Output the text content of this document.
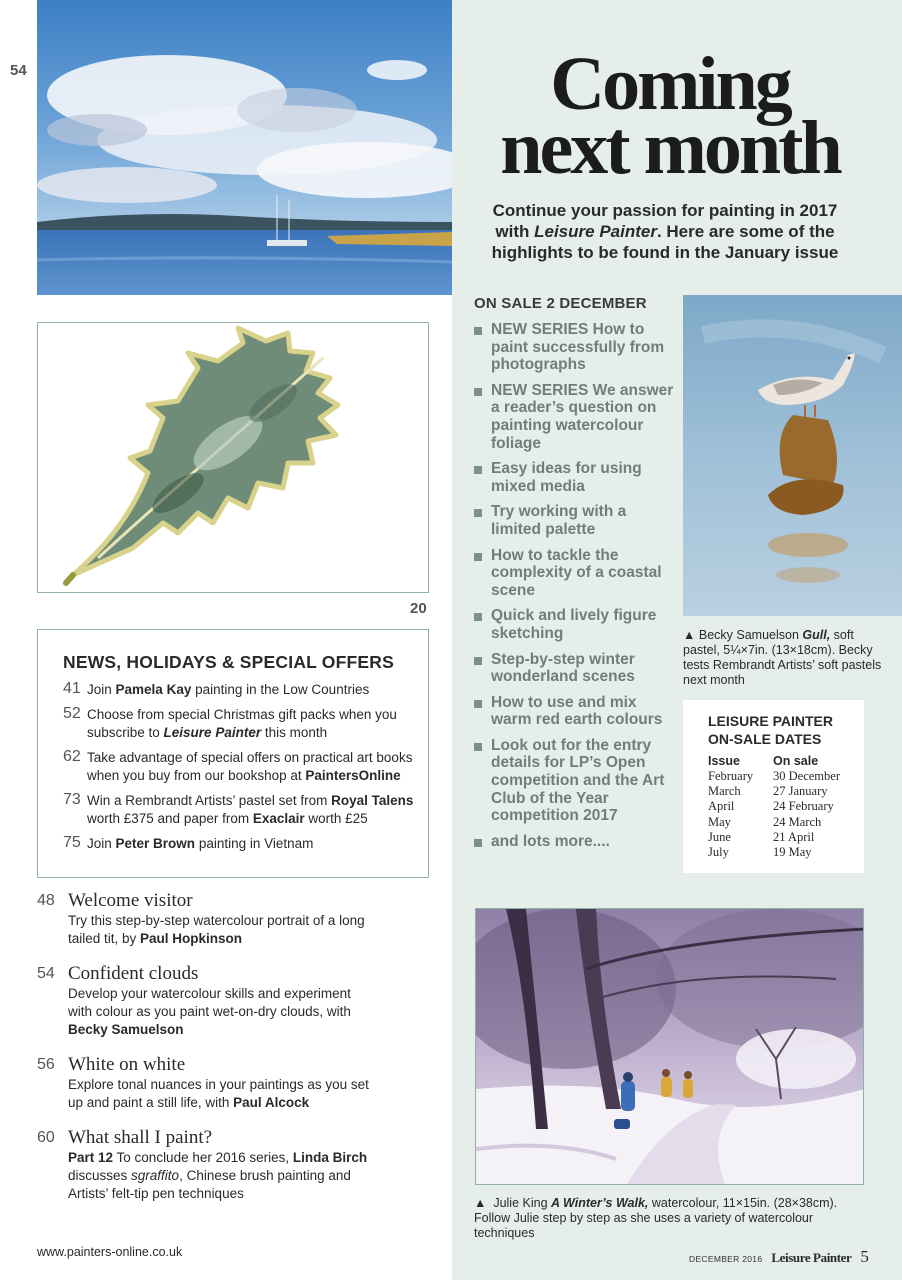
54
20
Coming
next month
Continue your passion for painting in 2017 with Leisure Painter. Here are some of the highlights to be found in the January issue
ON SALE 2 DECEMBER
NEW SERIES How to paint successfully from photographs
NEW SERIES We answer a reader’s question on painting watercolour foliage
Easy ideas for using mixed media
Try working with a limited palette
How to tackle the complexity of a coastal scene
Quick and lively figure sketching
Step-by-step winter wonderland scenes
How to use and mix warm red earth colours
Look out for the entry details for LP’s Open competition and the Art Club of the Year competition 2017
and lots more....
▲ Becky Samuelson Gull, soft pastel, 5¼×7in. (13×18cm). Becky tests Rembrandt Artists’ soft pastels next month
LEISURE PAINTER
ON-SALE DATES
Issue	On sale
February	30 December
March	27 January
April	24 February
May	24 March
June	21 April
July	19 May
▲ Julie King A Winter’s Walk, watercolour, 11×15in. (28×38cm). Follow Julie step by step as she uses a variety of watercolour techniques
NEWS, HOLIDAYS & SPECIAL OFFERS
41 Join Pamela Kay painting in the Low Countries
52 Choose from special Christmas gift packs when you subscribe to Leisure Painter this month
62 Take advantage of special offers on practical art books when you buy from our bookshop at PaintersOnline
73 Win a Rembrandt Artists’ pastel set from Royal Talens worth £375 and paper from Exaclair worth £25
75 Join Peter Brown painting in Vietnam
48 Welcome visitor
Try this step-by-step watercolour portrait of a long tailed tit, by Paul Hopkinson
54 Confident clouds
Develop your watercolour skills and experiment with colour as you paint wet-on-dry clouds, with Becky Samuelson
56 White on white
Explore tonal nuances in your paintings as you set up and paint a still life, with Paul Alcock
60 What shall I paint?
Part 12 To conclude her 2016 series, Linda Birch discusses sgraffito, Chinese brush painting and Artists’ felt-tip pen techniques
www.painters-online.co.uk	DECEMBER 2016 Leisure Painter 5
